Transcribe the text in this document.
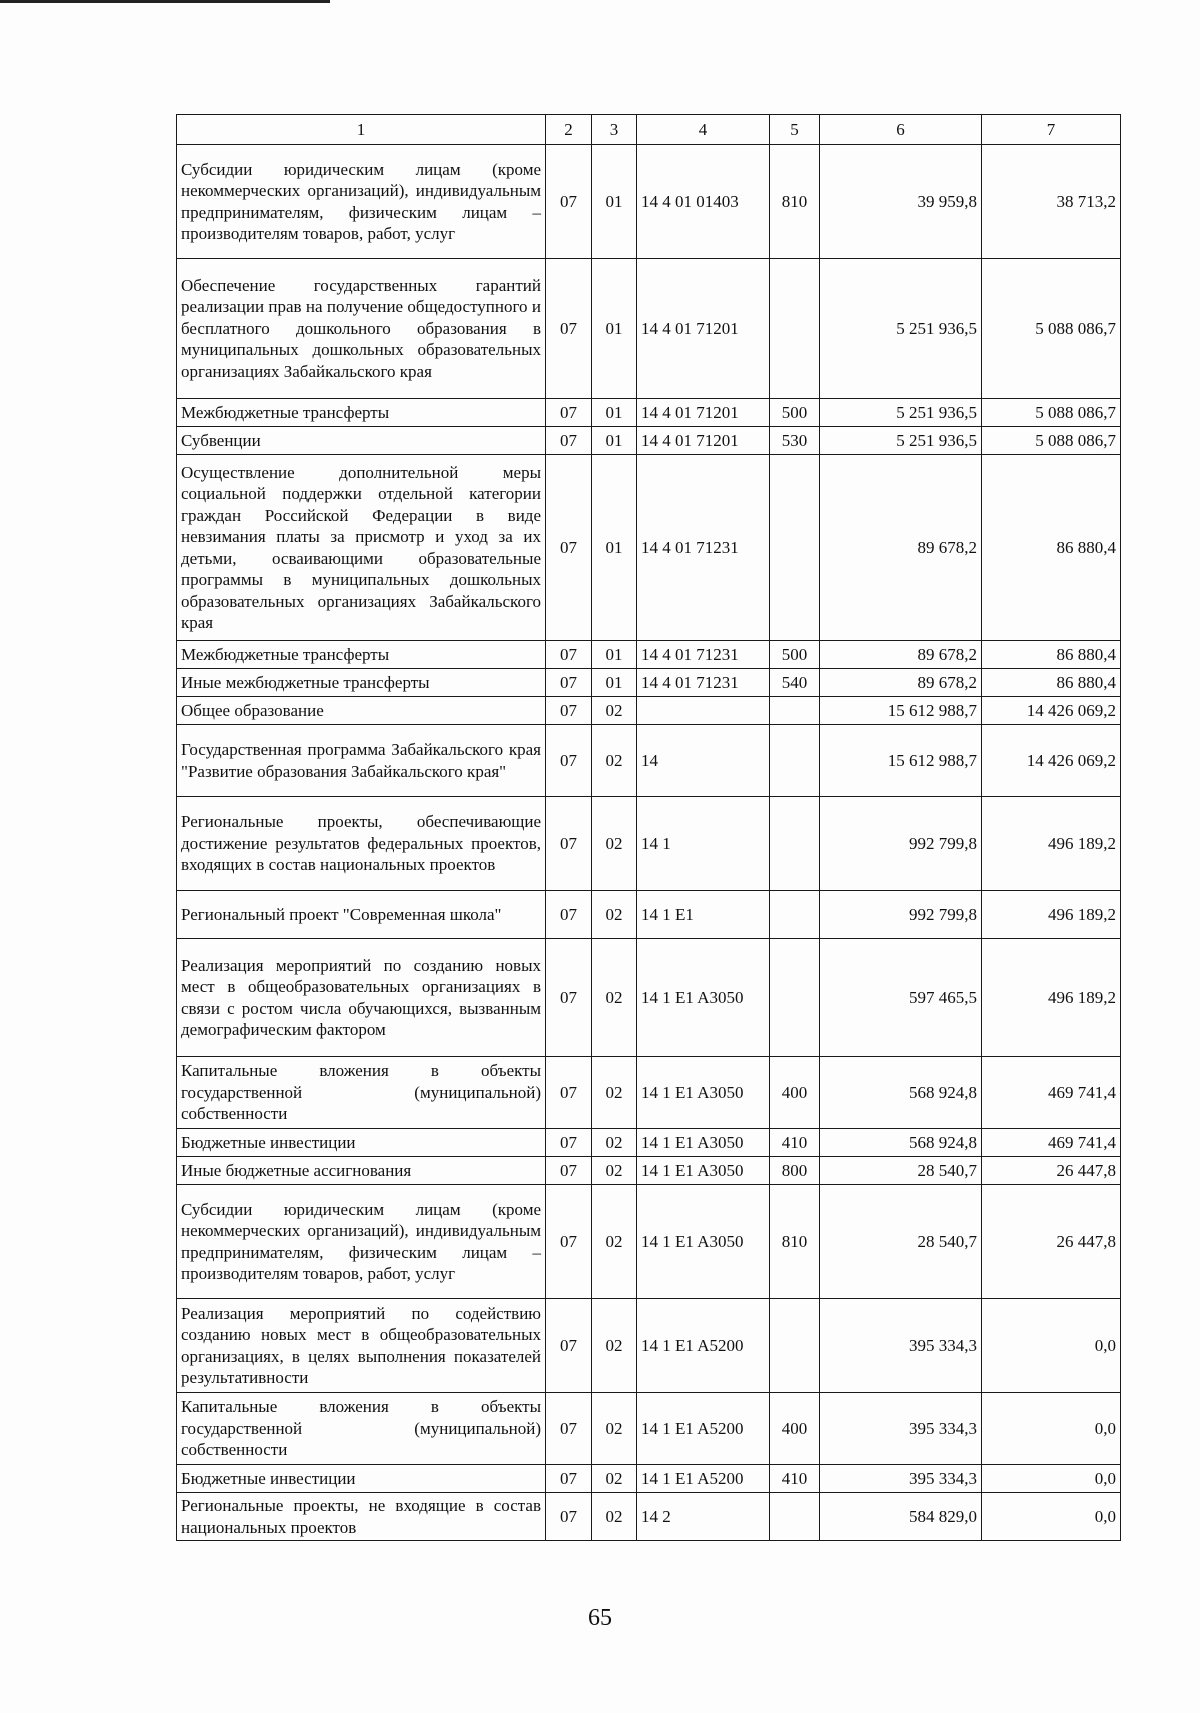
1	2	3	4	5	6	7
Субсидии юридическим лицам (кроме некоммерческих организаций), индивидуальным предпринимателям, физическим лицам – производителям товаров, работ, услуг	07	01	14 4 01 01403	810	39 959,8	38 713,2
Обеспечение государственных гарантий реализации прав на получение общедоступного и бесплатного дошкольного образования в муниципальных дошкольных образовательных организациях Забайкальского края	07	01	14 4 01 71201		5 251 936,5	5 088 086,7
Межбюджетные трансферты	07	01	14 4 01 71201	500	5 251 936,5	5 088 086,7
Субвенции	07	01	14 4 01 71201	530	5 251 936,5	5 088 086,7
Осуществление дополнительной меры социальной поддержки отдельной категории граждан Российской Федерации в виде невзимания платы за присмотр и уход за их детьми, осваивающими образовательные программы в муниципальных дошкольных образовательных организациях Забайкальского края	07	01	14 4 01 71231		89 678,2	86 880,4
Межбюджетные трансферты	07	01	14 4 01 71231	500	89 678,2	86 880,4
Иные межбюджетные трансферты	07	01	14 4 01 71231	540	89 678,2	86 880,4
Общее образование	07	02			15 612 988,7	14 426 069,2
Государственная программа Забайкальского края "Развитие образования Забайкальского края"	07	02	14		15 612 988,7	14 426 069,2
Региональные проекты, обеспечивающие достижение результатов федеральных проектов, входящих в состав национальных проектов	07	02	14 1		992 799,8	496 189,2
Региональный проект "Современная школа"	07	02	14 1 E1		992 799,8	496 189,2
Реализация мероприятий по созданию новых мест в общеобразовательных организациях в связи с ростом числа обучающихся, вызванным демографическим фактором	07	02	14 1 E1 A3050		597 465,5	496 189,2
Капитальные вложения в объекты государственной (муниципальной) собственности	07	02	14 1 E1 A3050	400	568 924,8	469 741,4
Бюджетные инвестиции	07	02	14 1 E1 A3050	410	568 924,8	469 741,4
Иные бюджетные ассигнования	07	02	14 1 E1 A3050	800	28 540,7	26 447,8
Субсидии юридическим лицам (кроме некоммерческих организаций), индивидуальным предпринимателям, физическим лицам – производителям товаров, работ, услуг	07	02	14 1 E1 A3050	810	28 540,7	26 447,8
Реализация мероприятий по содействию созданию новых мест в общеобразовательных организациях, в целях выполнения показателей результативности	07	02	14 1 E1 A5200		395 334,3	0,0
Капитальные вложения в объекты государственной (муниципальной) собственности	07	02	14 1 E1 A5200	400	395 334,3	0,0
Бюджетные инвестиции	07	02	14 1 E1 A5200	410	395 334,3	0,0
Региональные проекты, не входящие в состав национальных проектов	07	02	14 2		584 829,0	0,0
65
